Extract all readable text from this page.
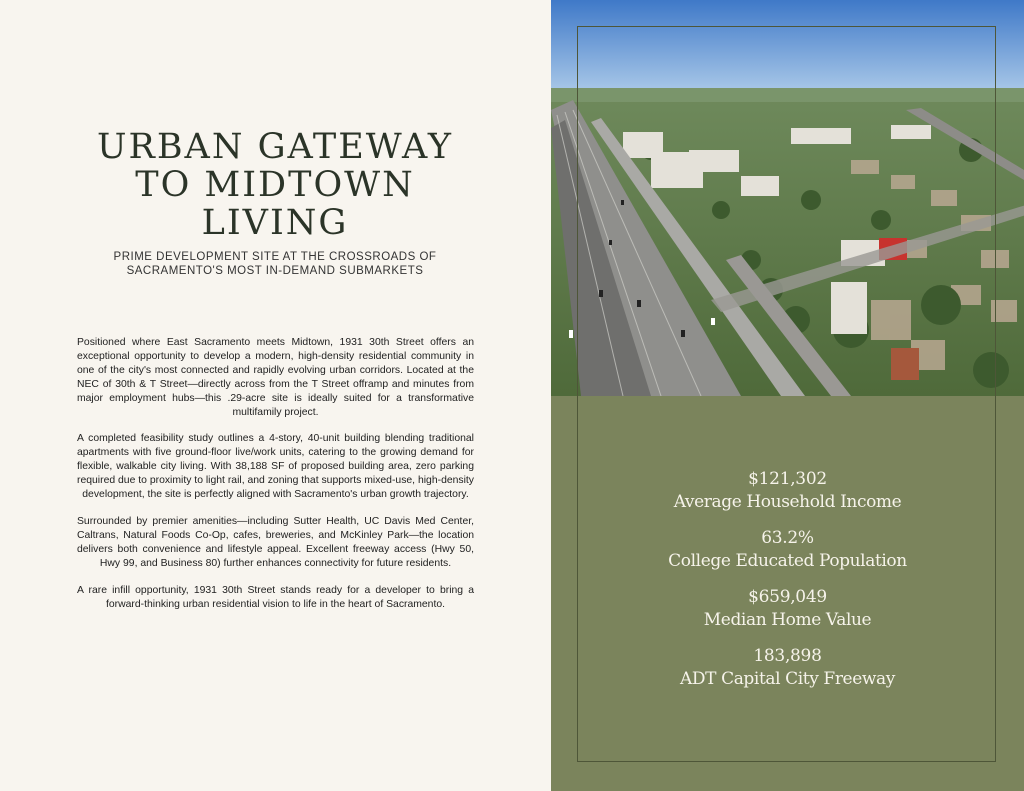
URBAN GATEWAY
TO MIDTOWN
LIVING

PRIME DEVELOPMENT SITE AT THE CROSSROADS OF
SACRAMENTO'S MOST IN-DEMAND SUBMARKETS

Positioned where East Sacramento meets Midtown, 1931 30th Street offers an exceptional opportunity to develop a modern, high-density residential community in one of the city's most connected and rapidly evolving urban corridors. Located at the NEC of 30th & T Street—directly across from the T Street offramp and minutes from major employment hubs—this .29-acre site is ideally suited for a transformative multifamily project.

A completed feasibility study outlines a 4-story, 40-unit building blending traditional apartments with five ground-floor live/work units, catering to the growing demand for flexible, walkable city living. With 38,188 SF of proposed building area, zero parking required due to proximity to light rail, and zoning that supports mixed-use, high-density development, the site is perfectly aligned with Sacramento's urban growth trajectory.

Surrounded by premier amenities—including Sutter Health, UC Davis Med Center, Caltrans, Natural Foods Co-Op, cafes, breweries, and McKinley Park—the location delivers both convenience and lifestyle appeal. Excellent freeway access (Hwy 50, Hwy 99, and Business 80) further enhances connectivity for future residents.

A rare infill opportunity, 1931 30th Street stands ready for a developer to bring a forward-thinking urban residential vision to life in the heart of Sacramento.

$121,302
Average Household Income
63.2%
College Educated Population
$659,049
Median Home Value
183,898
ADT Capital City Freeway
